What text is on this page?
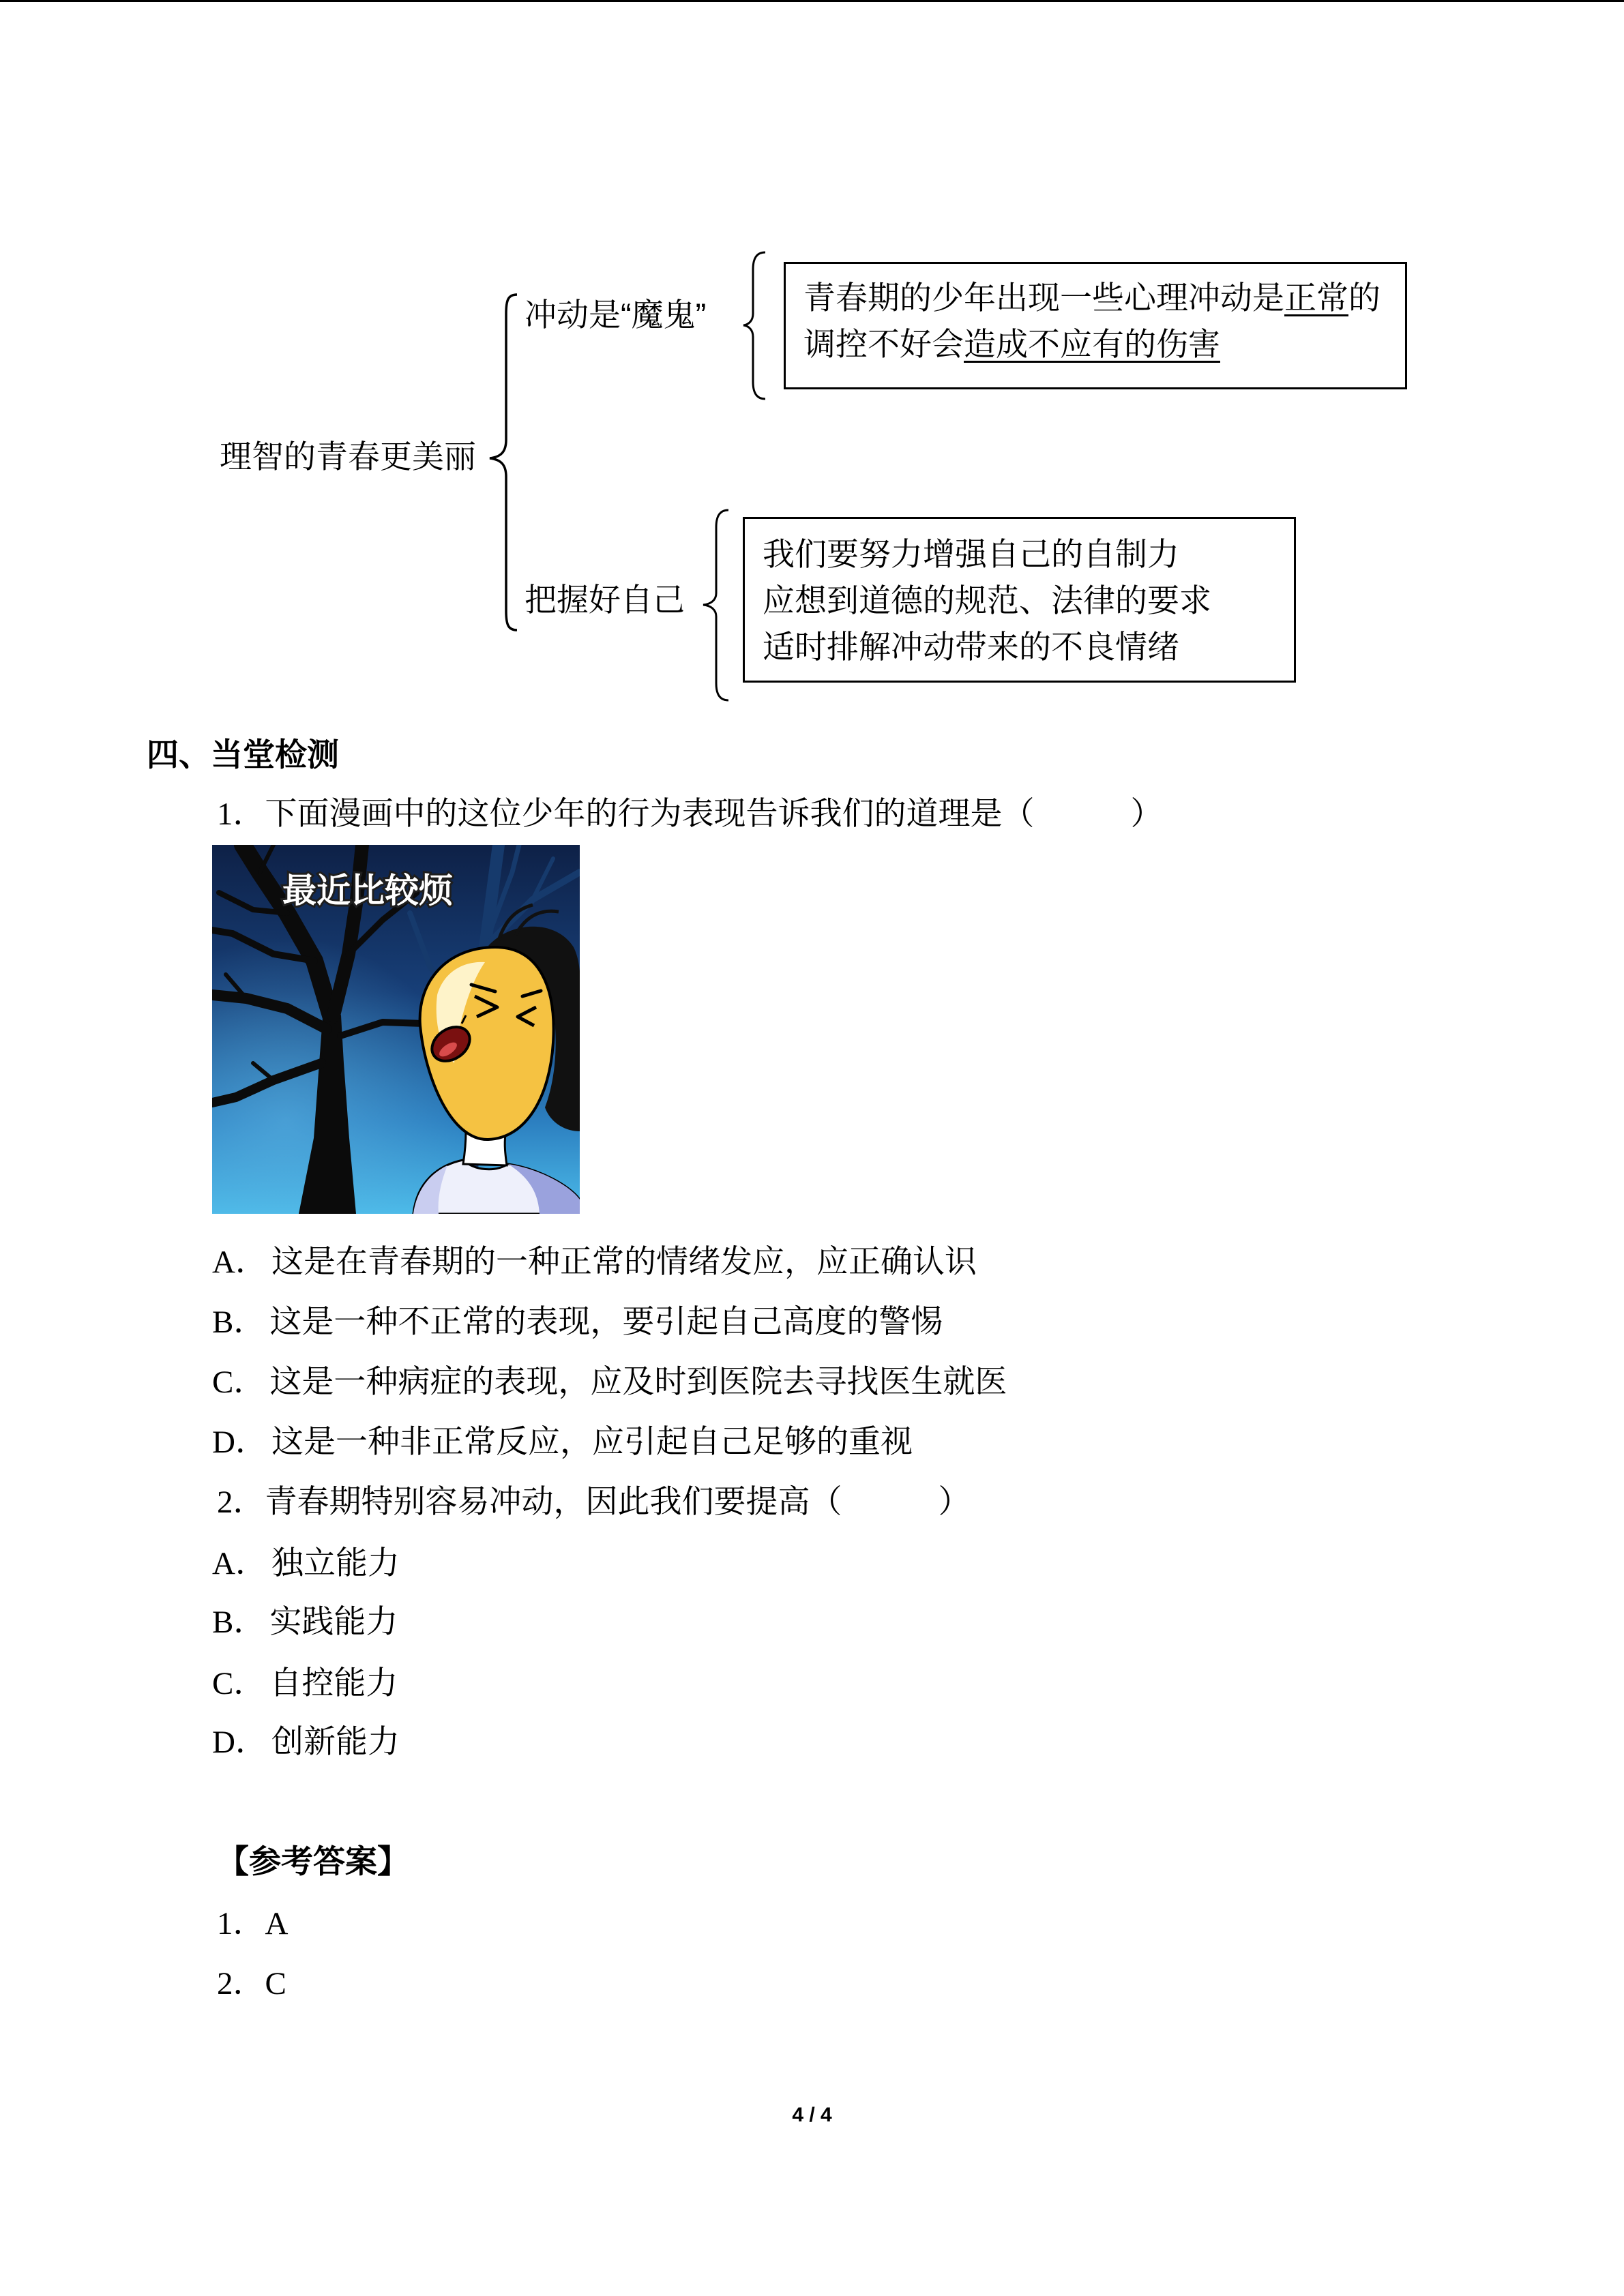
理智的青春更美丽
冲动是“魔鬼”
把握好自己
青春期的少年出现一些心理冲动是正常的
调控不好会造成不应有的伤害
我们要努力增强自己的自制力
应想到道德的规范、法律的要求
适时排解冲动带来的不良情绪
四、当堂检测
1．下面漫画中的这位少年的行为表现告诉我们的道理是（　　　）
最近比较烦
A． 这是在青春期的一种正常的情绪发应，应正确认识
B． 这是一种不正常的表现，要引起自己高度的警惕
C． 这是一种病症的表现，应及时到医院去寻找医生就医
D． 这是一种非正常反应，应引起自己足够的重视
2．青春期特别容易冲动，因此我们要提高（　　　）
A． 独立能力
B． 实践能力
C． 自控能力
D． 创新能力
【参考答案】
1．A
2．C
4 / 4
